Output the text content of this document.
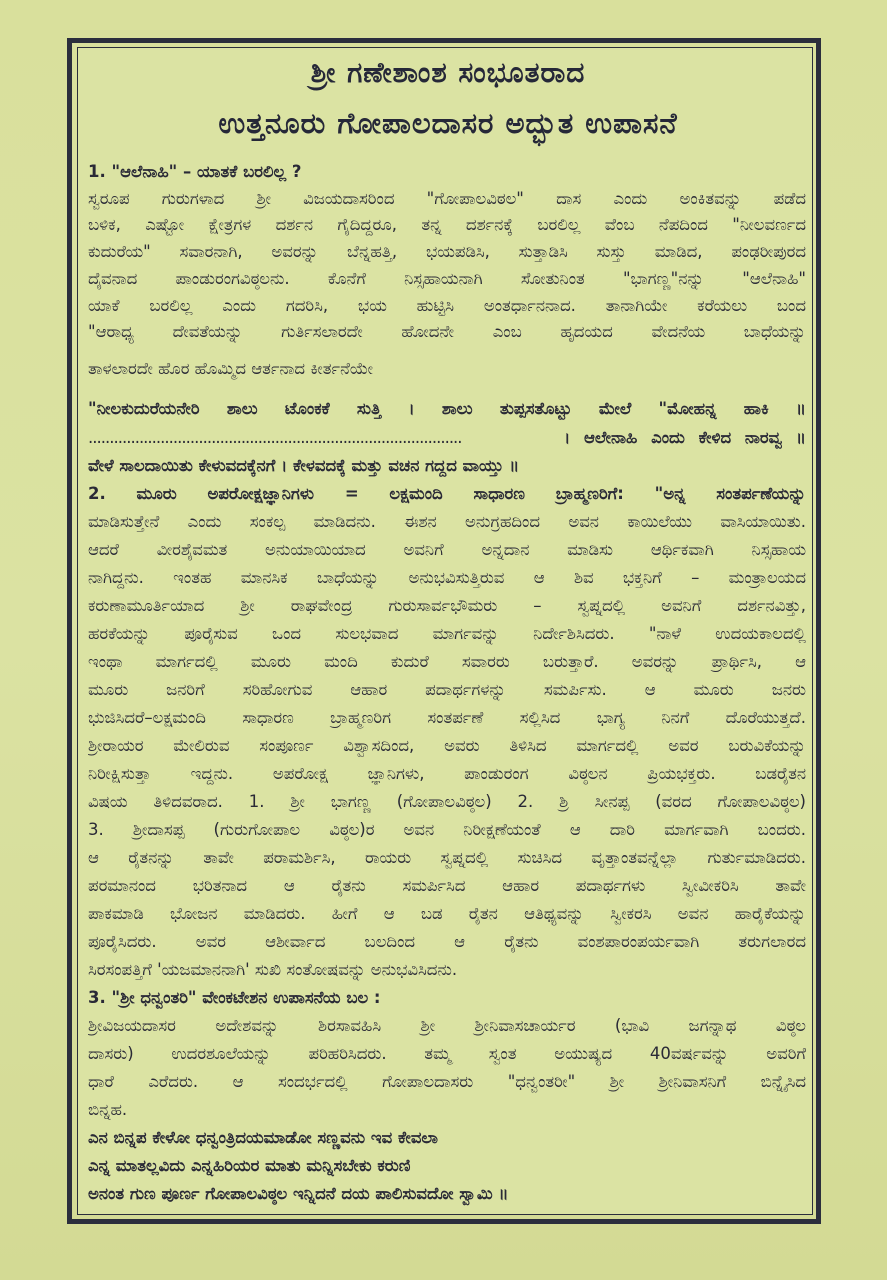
ಶ್ರೀ ಗಣೇಶಾಂಶ ಸಂಭೂತರಾದ
ಉತ್ತನೂರು ಗೋಪಾಲದಾಸರ ಅದ್ಭುತ ಉಪಾಸನೆ
1. "ಆಲೆನಾಹಿ" – ಯಾತಕೆ ಬರಲಿಲ್ಲ ?
ಸ್ವರೂಪ ಗುರುಗಳಾದ ಶ್ರೀ ವಿಜಯದಾಸರಿಂದ "ಗೋಪಾಲವಿಠಲ" ದಾಸ ಎಂದು ಅಂಕಿತವನ್ನು ಪಡೆದ
ಬಳಿಕ, ಎಷ್ಟೋ ಕ್ಷೇತ್ರಗಳ ದರ್ಶನ ಗೈದಿದ್ದರೂ, ತನ್ನ ದರ್ಶನಕ್ಕೆ ಬರಲಿಲ್ಲ ವೆಂಬ ನೆಪದಿಂದ "ನೀಲವರ್ಣದ
ಕುದುರೆಯ" ಸವಾರನಾಗಿ, ಅವರನ್ನು ಬೆನ್ನಹತ್ತಿ, ಭಯಪಡಿಸಿ, ಸುತ್ತಾಡಿಸಿ ಸುಸ್ತು ಮಾಡಿದ, ಪಂಢರೀಪುರದ
ದೈವನಾದ ಪಾಂಡುರಂಗವಿಠ್ಠಲನು. ಕೊನೆಗೆ ನಿಸ್ಸಹಾಯನಾಗಿ ಸೋತುನಿಂತ "ಭಾಗಣ್ಣ"ನನ್ನು "ಆಲೆನಾಹಿ"
ಯಾಕೆ ಬರಲಿಲ್ಲ ಎಂದು ಗದರಿಸಿ, ಭಯ ಹುಟ್ಟಿಸಿ ಅಂತರ್ಧಾನನಾದ. ತಾನಾಗಿಯೇ ಕರೆಯಲು ಬಂದ
"ಆರಾಧ್ಯ ದೇವತೆಯನ್ನು ಗುರ್ತಿಸಲಾರದೇ ಹೋದನೇ ಎಂಬ ಹೃದಯದ ವೇದನೆಯ ಬಾಧೆಯನ್ನು
ತಾಳಲಾರದೇ ಹೊರ ಹೊಮ್ಮಿದ ಆರ್ತನಾದ ಕೀರ್ತನೆಯೇ
"ನೀಲಕುದುರೆಯನೇರಿ ಶಾಲು ಟೊಂಕಕೆ ಸುತ್ತಿ । ಶಾಲು ತುಪ್ಪಸತೊಟ್ಟು ಮೇಲೆ "ಮೋಹನ್ನ ಹಾಕಿ ॥
........................................................................................	। ಆಲೇನಾಹಿ ಎಂದು ಕೇಳಿದ ನಾರವ್ವ ॥
ವೇಳೆ ಸಾಲದಾಯಿತು ಕೇಳುವದಕ್ಕೆನಗೆ । ಕೇಳವದಕ್ಕೆ ಮತ್ತು ವಚನ ಗದ್ದದ ವಾಯ್ತು ॥
2. ಮೂರು ಅಪರೋಕ್ಷಜ್ಞಾನಿಗಳು = ಲಕ್ಷಮಂದಿ ಸಾಧಾರಣ ಬ್ರಾಹ್ಮಣರಿಗೆ: "ಅನ್ನ ಸಂತರ್ಪಣೆಯನ್ನು
ಮಾಡಿಸುತ್ತೇನೆ ಎಂದು ಸಂಕಲ್ಪ ಮಾಡಿದನು. ಈಶನ ಅನುಗ್ರಹದಿಂದ ಅವನ ಕಾಯಿಲೆಯು ವಾಸಿಯಾಯಿತು.
ಆದರೆ ವೀರಶೈವಮತ ಅನುಯಾಯಿಯಾದ ಅವನಿಗೆ ಅನ್ನದಾನ ಮಾಡಿಸು ಆರ್ಥಿಕವಾಗಿ ನಿಸ್ಸಹಾಯ
ನಾಗಿದ್ದನು. ಇಂತಹ ಮಾನಸಿಕ ಬಾಧೆಯನ್ನು ಅನುಭವಿಸುತ್ತಿರುವ ಆ ಶಿವ ಭಕ್ತನಿಗೆ – ಮಂತ್ರಾಲಯದ
ಕರುಣಾಮೂರ್ತಿಯಾದ ಶ್ರೀ ರಾಘವೇಂದ್ರ ಗುರುಸಾರ್ವಭೌಮರು – ಸ್ವಪ್ನದಲ್ಲಿ ಅವನಿಗೆ ದರ್ಶನವಿತ್ತು,
ಹರಕೆಯನ್ನು ಪೂರೈಸುವ ಒಂದ ಸುಲಭವಾದ ಮಾರ್ಗವನ್ನು ನಿರ್ದೇಶಿಸಿದರು. "ನಾಳೆ ಉದಯಕಾಲದಲ್ಲಿ
ಇಂಥಾ ಮಾರ್ಗದಲ್ಲಿ ಮೂರು ಮಂದಿ ಕುದುರೆ ಸವಾರರು ಬರುತ್ತಾರೆ. ಅವರನ್ನು ಪ್ರಾರ್ಥಿಸಿ, ಆ
ಮೂರು ಜನರಿಗೆ ಸರಿಹೋಗುವ ಆಹಾರ ಪದಾರ್ಥಗಳನ್ನು ಸಮರ್ಪಿಸು. ಆ ಮೂರು ಜನರು
ಭುಜಿಸಿದರೆ–ಲಕ್ಷಮಂದಿ ಸಾಧಾರಣ ಬ್ರಾಹ್ಮಣರಿಗ ಸಂತರ್ಪಣೆ ಸಲ್ಲಿಸಿದ ಭಾಗ್ಯ ನಿನಗೆ ದೊರೆಯುತ್ತದೆ.
ಶ್ರೀರಾಯರ ಮೇಲಿರುವ ಸಂಪೂರ್ಣ ವಿಶ್ವಾಸದಿಂದ, ಅವರು ತಿಳಿಸಿದ ಮಾರ್ಗದಲ್ಲಿ ಅವರ ಬರುವಿಕೆಯನ್ನು
ನಿರೀಕ್ಷಿಸುತ್ತಾ ಇದ್ದನು. ಅಪರೋಕ್ಷ ಜ್ಞಾನಿಗಳು, ಪಾಂಡುರಂಗ ವಿಠ್ಠಲನ ಪ್ರಿಯಭಕ್ತರು. ಬಡರೈತನ
ವಿಷಯ ತಿಳಿದವರಾದ. 1. ಶ್ರೀ ಭಾಗಣ್ಣ (ಗೋಪಾಲವಿಠ್ಠಲ) 2. ಶ್ರಿ ಸೀನಪ್ಪ (ವರದ ಗೋಪಾಲವಿಠ್ಠಲ)
3. ಶ್ರೀದಾಸಪ್ಪ (ಗುರುಗೋಪಾಲ ವಿಠ್ಠಲ)ರ ಅವನ ನಿರೀಕ್ಷಣೆಯಂತೆ ಆ ದಾರಿ ಮಾರ್ಗವಾಗಿ ಬಂದರು.
ಆ ರೈತನನ್ನು ತಾವೇ ಪರಾಮರ್ಶಿಸಿ, ರಾಯರು ಸ್ವಪ್ನದಲ್ಲಿ ಸುಚಿಸಿದ ವೃತ್ತಾಂತವನ್ನೆಲ್ಲಾ ಗುರ್ತುಮಾಡಿದರು.
ಪರಮಾನಂದ ಭರಿತನಾದ ಆ ರೈತನು ಸಮರ್ಪಿಸಿದ ಆಹಾರ ಪದಾರ್ಥಗಳು ಸ್ವೀವೀಕರಿಸಿ ತಾವೇ
ಪಾಕಮಾಡಿ ಭೋಜನ ಮಾಡಿದರು. ಹೀಗೆ ಆ ಬಡ ರೈತನ ಆತಿಥ್ಯವನ್ನು ಸ್ವೀಕರಸಿ ಅವನ ಹಾರೈಕೆಯನ್ನು
ಪೂರೈಸಿದರು. ಅವರ ಆಶೀರ್ವಾದ ಬಲದಿಂದ ಆ ರೈತನು ವಂಶಪಾರಂಪರ್ಯವಾಗಿ ತರುಗಲಾರದ
ಸಿರಸಂಪತ್ತಿಗೆ 'ಯಜಮಾನನಾಗಿ' ಸುಖಿ ಸಂತೋಷವನ್ನು ಅನುಭವಿಸಿದನು.
3. "ಶ್ರೀ ಧನ್ವಂತರಿ" ವೇಂಕಟೇಶನ ಉಪಾಸನೆಯ ಬಲ :
ಶ್ರೀವಿಜಯದಾಸರ ಅದೇಶವನ್ನು ಶಿರಸಾವಹಿಸಿ ಶ್ರೀ ಶ್ರೀನಿವಾಸಚಾರ್ಯರ (ಭಾವಿ ಜಗನ್ನಾಥ ವಿಠ್ಠಲ
ದಾಸರು) ಉದರಶೂಲೆಯನ್ನು ಪರಿಹರಿಸಿದರು. ತಮ್ಮ ಸ್ವಂತ ಅಯುಷ್ಯದ 40ವರ್ಷವನ್ನು ಅವರಿಗೆ
ಧಾರೆ ಎರೆದರು. ಆ ಸಂದರ್ಭದಲ್ಲಿ ಗೋಪಾಲದಾಸರು "ಧನ್ವಂತರೀ" ಶ್ರೀ ಶ್ರೀನಿವಾಸನಿಗೆ ಬಿನ್ನೈಸಿದ
ಬಿನ್ನಹ.
ಎನ ಬಿನ್ನಪ ಕೇಳೋ ಧನ್ವಂತ್ರಿದಯಮಾಡೋ ಸಣ್ಣವನು ಇವ ಕೇವಲಾ
ಎನ್ನ ಮಾತಲ್ಲವಿದು ಎನ್ನಹಿರಿಯರ ಮಾತು ಮನ್ನಿಸಬೇಕು ಕರುಣಿ
ಅನಂತ ಗುಣ ಪೂರ್ಣ ಗೋಪಾಲವಿಠ್ಠಲ ಇನ್ನಿದನೆ ದಯ ಪಾಲಿಸುವದೋ ಸ್ವಾಮಿ ॥
